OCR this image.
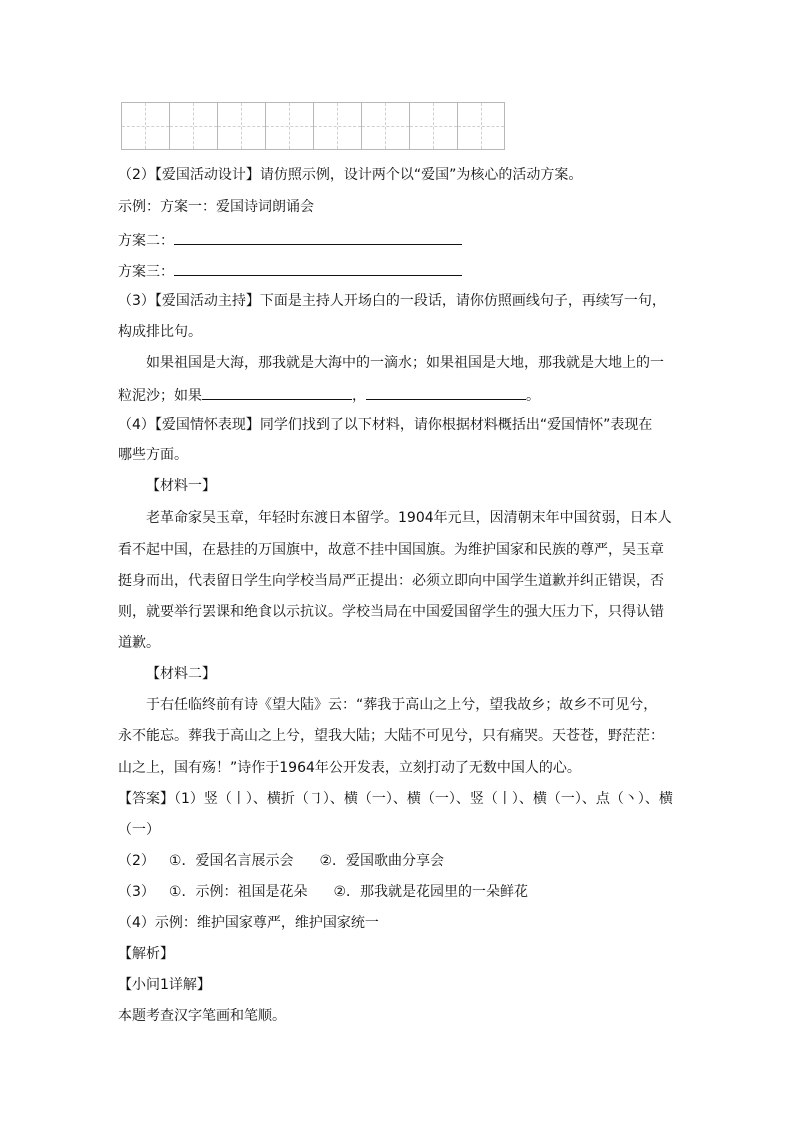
（2）【爱国活动设计】请仿照示例，设计两个以“爱国”为核心的活动方案。
示例：方案一：爱国诗词朗诵会
方案二：
方案三：
（3）【爱国活动主持】下面是主持人开场白的一段话，请你仿照画线句子，再续写一句，
构成排比句。
如果祖国是大海，那我就是大海中的一滴水；如果祖国是大地，那我就是大地上的一
粒泥沙；如果	，	。
（4）【爱国情怀表现】同学们找到了以下材料，请你根据材料概括出“爱国情怀”表现在
哪些方面。
【材料一】
老革命家吴玉章，年轻时东渡日本留学。1904年元旦，因清朝末年中国贫弱，日本人
看不起中国，在悬挂的万国旗中，故意不挂中国国旗。为维护国家和民族的尊严，吴玉章
挺身而出，代表留日学生向学校当局严正提出：必须立即向中国学生道歉并纠正错误，否
则，就要举行罢课和绝食以示抗议。学校当局在中国爱国留学生的强大压力下，只得认错
道歉。
【材料二】
于右任临终前有诗《望大陆》云：“葬我于高山之上兮，望我故乡；故乡不可见兮，
永不能忘。葬我于高山之上兮，望我大陆；大陆不可见兮，只有痛哭。天苍苍，野茫茫：
山之上，国有殇！”诗作于1964年公开发表，立刻打动了无数中国人的心。
【答案】（1）竖（丨）、横折（㇆）、横（一）、横（一）、竖（丨）、横（一）、点（丶）、横
（一）
（2） ①．爱国名言展示会 ②．爱国歌曲分享会
（3） ①．示例：祖国是花朵 ②．那我就是花园里的一朵鲜花
（4）示例：维护国家尊严，维护国家统一
【解析】
【小问1详解】
本题考查汉字笔画和笔顺。
